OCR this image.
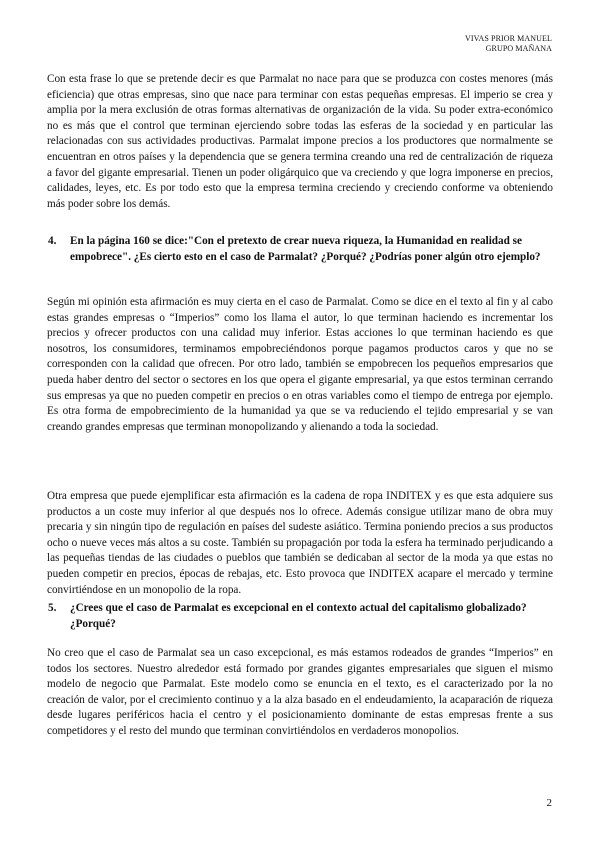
VIVAS PRIOR MANUEL
GRUPO MAÑANA

Con esta frase lo que se pretende decir es que Parmalat no nace para que se produzca con costes menores (más eficiencia) que otras empresas, sino que nace para terminar con estas pequeñas empresas. El imperio se crea y amplia por la mera exclusión de otras formas alternativas de organización de la vida. Su poder extra-económico no es más que el control que terminan ejerciendo sobre todas las esferas de la sociedad y en particular las relacionadas con sus actividades productivas. Parmalat impone precios a los productores que normalmente se encuentran en otros países y la dependencia que se genera termina creando una red de centralización de riqueza a favor del gigante empresarial. Tienen un poder oligárquico que va creciendo y que logra imponerse en precios, calidades, leyes, etc. Es por todo esto que la empresa termina creciendo y creciendo conforme va obteniendo más poder sobre los demás.

4. En la página 160 se dice:"Con el pretexto de crear nueva riqueza, la Humanidad en realidad se empobrece". ¿Es cierto esto en el caso de Parmalat? ¿Porqué? ¿Podrías poner algún otro ejemplo?

Según mi opinión esta afirmación es muy cierta en el caso de Parmalat. Como se dice en el texto al fin y al cabo estas grandes empresas o “Imperios” como los llama el autor, lo que terminan haciendo es incrementar los precios y ofrecer productos con una calidad muy inferior. Estas acciones lo que terminan haciendo es que nosotros, los consumidores, terminamos empobreciéndonos porque pagamos productos caros y que no se corresponden con la calidad que ofrecen. Por otro lado, también se empobrecen los pequeños empresarios que pueda haber dentro del sector o sectores en los que opera el gigante empresarial, ya que estos terminan cerrando sus empresas ya que no pueden competir en precios o en otras variables como el tiempo de entrega por ejemplo. Es otra forma de empobrecimiento de la humanidad ya que se va reduciendo el tejido empresarial y se van creando grandes empresas que terminan monopolizando y alienando a toda la sociedad.

Otra empresa que puede ejemplificar esta afirmación es la cadena de ropa INDITEX y es que esta adquiere sus productos a un coste muy inferior al que después nos lo ofrece. Además consigue utilizar mano de obra muy precaria y sin ningún tipo de regulación en países del sudeste asiático. Termina poniendo precios a sus productos ocho o nueve veces más altos a su coste. También su propagación por toda la esfera ha terminado perjudicando a las pequeñas tiendas de las ciudades o pueblos que también se dedicaban al sector de la moda ya que estas no pueden competir en precios, épocas de rebajas, etc. Esto provoca que INDITEX acapare el mercado y termine convirtiéndose en un monopolio de la ropa.

5. ¿Crees que el caso de Parmalat es excepcional en el contexto actual del capitalismo globalizado? ¿Porqué?

No creo que el caso de Parmalat sea un caso excepcional, es más estamos rodeados de grandes “Imperios” en todos los sectores. Nuestro alrededor está formado por grandes gigantes empresariales que siguen el mismo modelo de negocio que Parmalat. Este modelo como se enuncia en el texto, es el caracterizado por la no creación de valor, por el crecimiento continuo y a la alza basado en el endeudamiento, la acaparación de riqueza desde lugares periféricos hacia el centro y el posicionamiento dominante de estas empresas frente a sus competidores y el resto del mundo que terminan convirtiéndolos en verdaderos monopolios.

2
